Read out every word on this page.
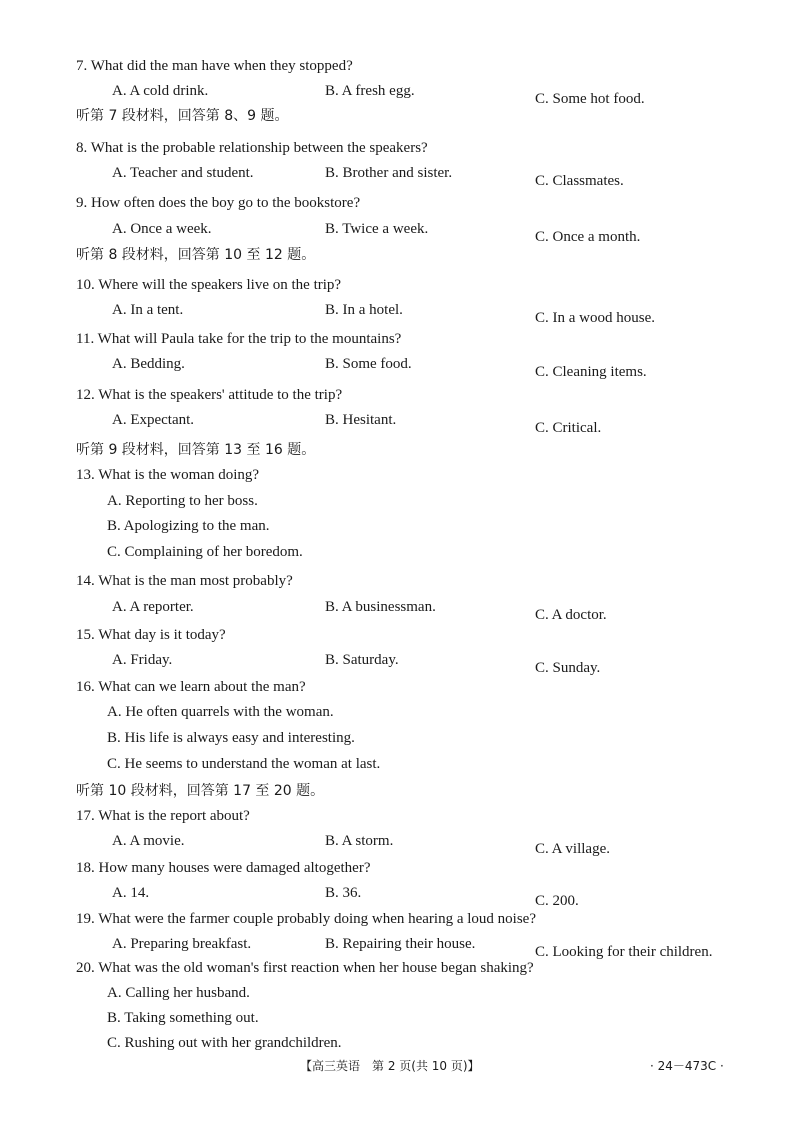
7. What did the man have when they stopped?
A. A cold drink.	B. A fresh egg.	C. Some hot food.
听第 7 段材料，回答第 8、9 题。
8. What is the probable relationship between the speakers?
A. Teacher and student.	B. Brother and sister.	C. Classmates.
9. How often does the boy go to the bookstore?
A. Once a week.	B. Twice a week.	C. Once a month.
听第 8 段材料，回答第 10 至 12 题。
10. Where will the speakers live on the trip?
A. In a tent.	B. In a hotel.	C. In a wood house.
11. What will Paula take for the trip to the mountains?
A. Bedding.	B. Some food.	C. Cleaning items.
12. What is the speakers' attitude to the trip?
A. Expectant.	B. Hesitant.	C. Critical.
听第 9 段材料，回答第 13 至 16 题。
13. What is the woman doing?
A. Reporting to her boss.
B. Apologizing to the man.
C. Complaining of her boredom.
14. What is the man most probably?
A. A reporter.	B. A businessman.	C. A doctor.
15. What day is it today?
A. Friday.	B. Saturday.	C. Sunday.
16. What can we learn about the man?
A. He often quarrels with the woman.
B. His life is always easy and interesting.
C. He seems to understand the woman at last.
听第 10 段材料，回答第 17 至 20 题。
17. What is the report about?
A. A movie.	B. A storm.	C. A village.
18. How many houses were damaged altogether?
A. 14.	B. 36.	C. 200.
19. What were the farmer couple probably doing when hearing a loud noise?
A. Preparing breakfast.	B. Repairing their house.	C. Looking for their children.
20. What was the old woman's first reaction when her house began shaking?
A. Calling her husband.
B. Taking something out.
C. Rushing out with her grandchildren.
【高三英语　第 2 页(共 10 页)】	· 24－473C ·
